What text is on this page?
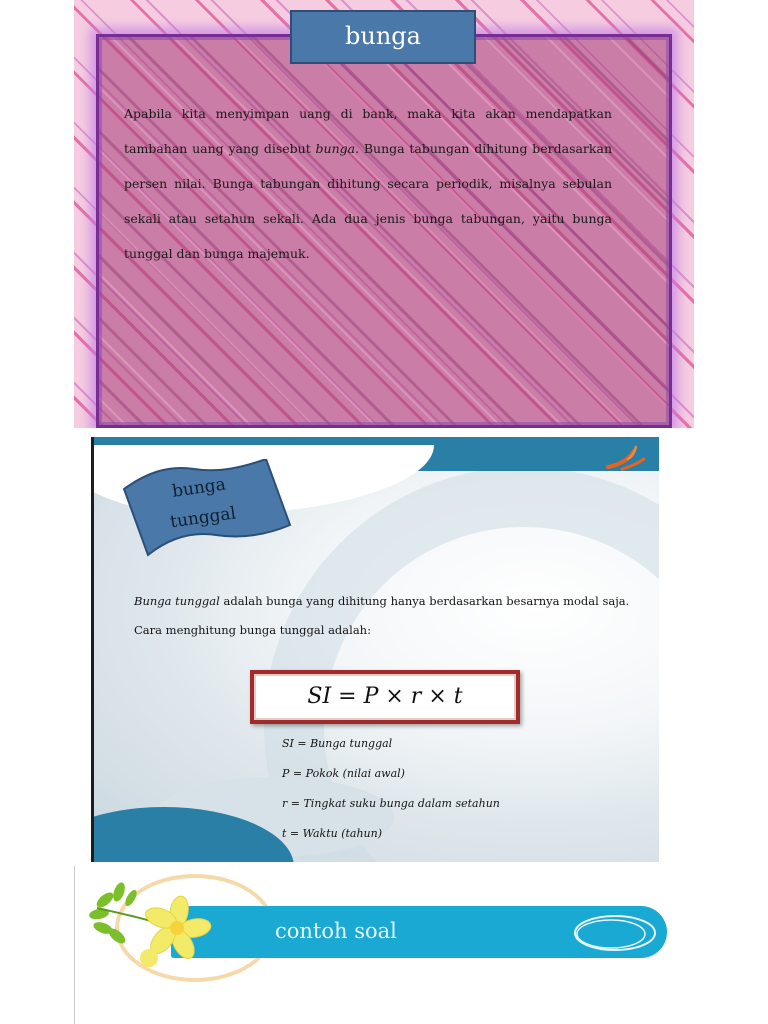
bunga
Apabila kita menyimpan uang di bank, maka kita akan mendapatkan tambahan uang yang disebut bunga. Bunga tabungan dihitung berdasarkan persen nilai. Bunga tabungan dihitung secara periodik, misalnya sebulan sekali atau setahun sekali. Ada dua jenis bunga tabungan, yaitu bunga tunggal dan bunga majemuk.
bunga
tunggal
Bunga tunggal adalah bunga yang dihitung hanya berdasarkan besarnya modal saja.
Cara menghitung bunga tunggal adalah:
SI = P × r × t
SI = Bunga tunggal
P = Pokok (nilai awal)
r = Tingkat suku bunga dalam setahun
t = Waktu (tahun)
contoh soal
